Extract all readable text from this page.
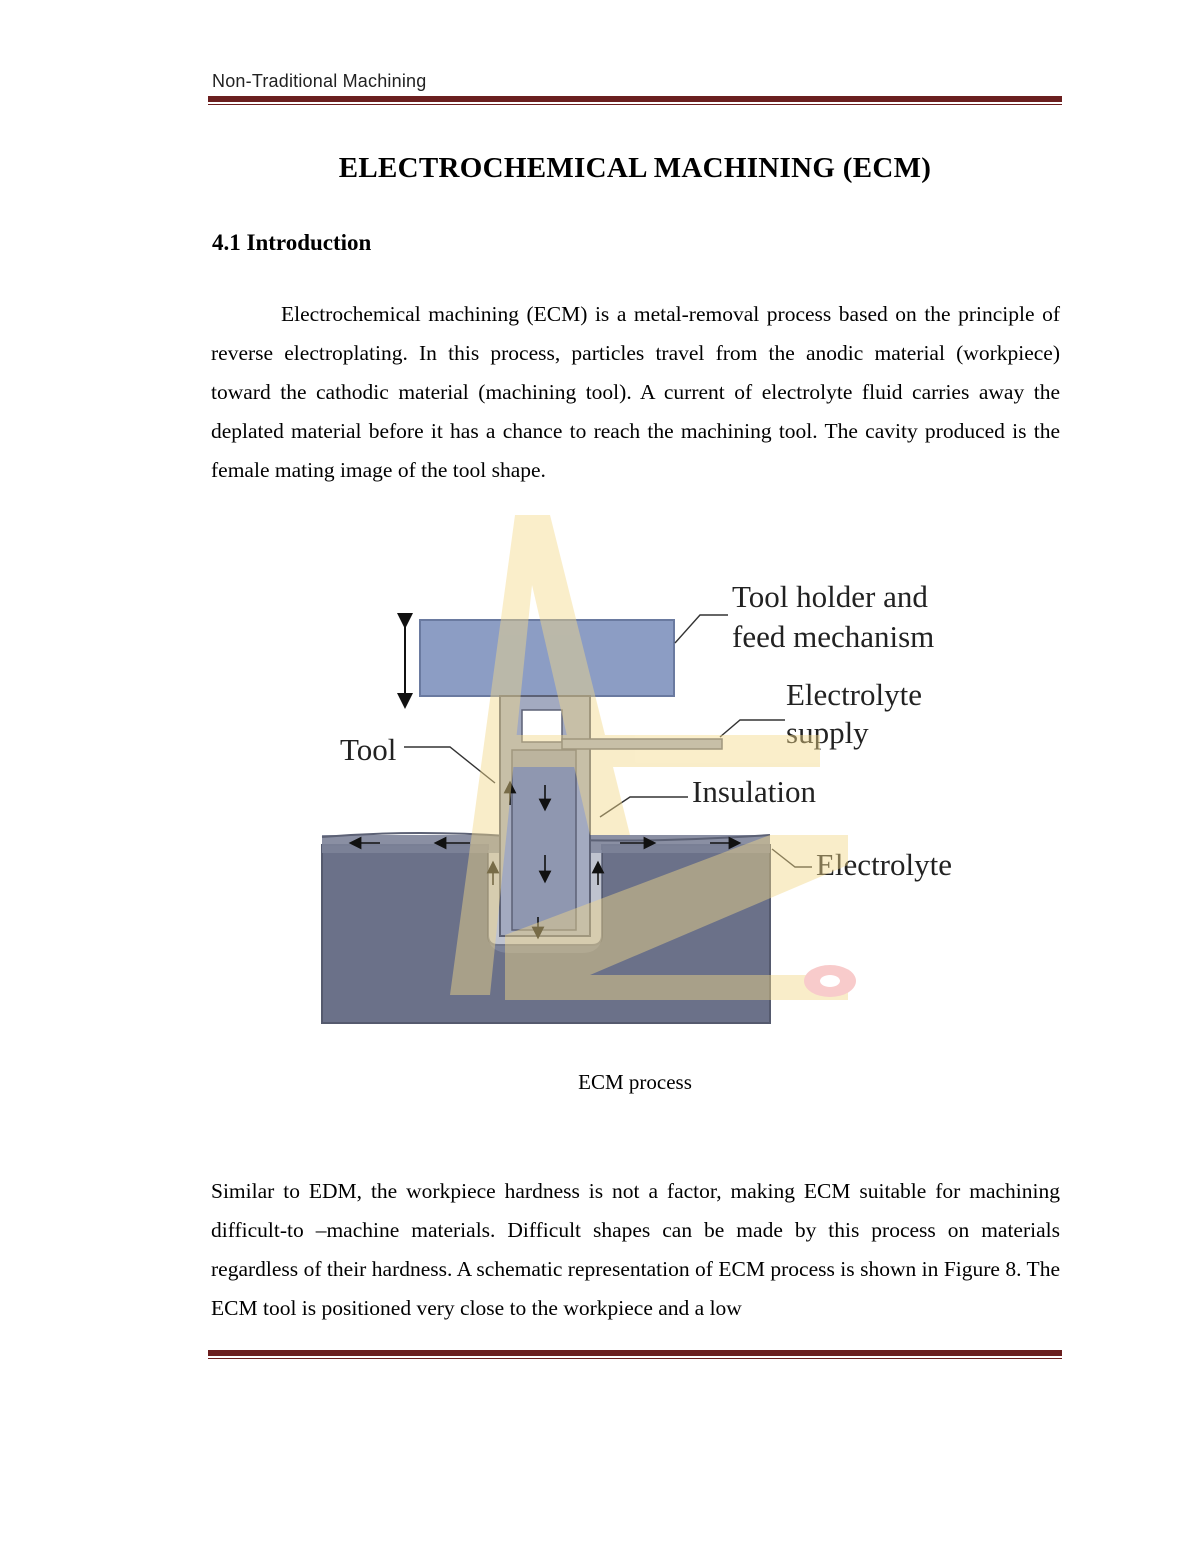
Non-Traditional Machining
ELECTROCHEMICAL MACHINING (ECM)
4.1 Introduction
Electrochemical machining (ECM) is a metal-removal process based on the principle of reverse electroplating. In this process, particles travel from the anodic material (workpiece) toward the cathodic material (machining tool). A current of electrolyte fluid carries away the deplated material before it has a chance to reach the machining tool. The cavity produced is the female mating image of the tool shape.
Tool holder and
feed mechanism
Electrolyte
supply
Tool
Insulation
Electrolyte
ECM process
Similar to EDM, the workpiece hardness is not a factor, making ECM suitable for machining difficult-to –machine materials. Difficult shapes can be made by this process on materials regardless of their hardness. A schematic representation of ECM process is shown in Figure 8. The ECM tool is positioned very close to the workpiece and a low
